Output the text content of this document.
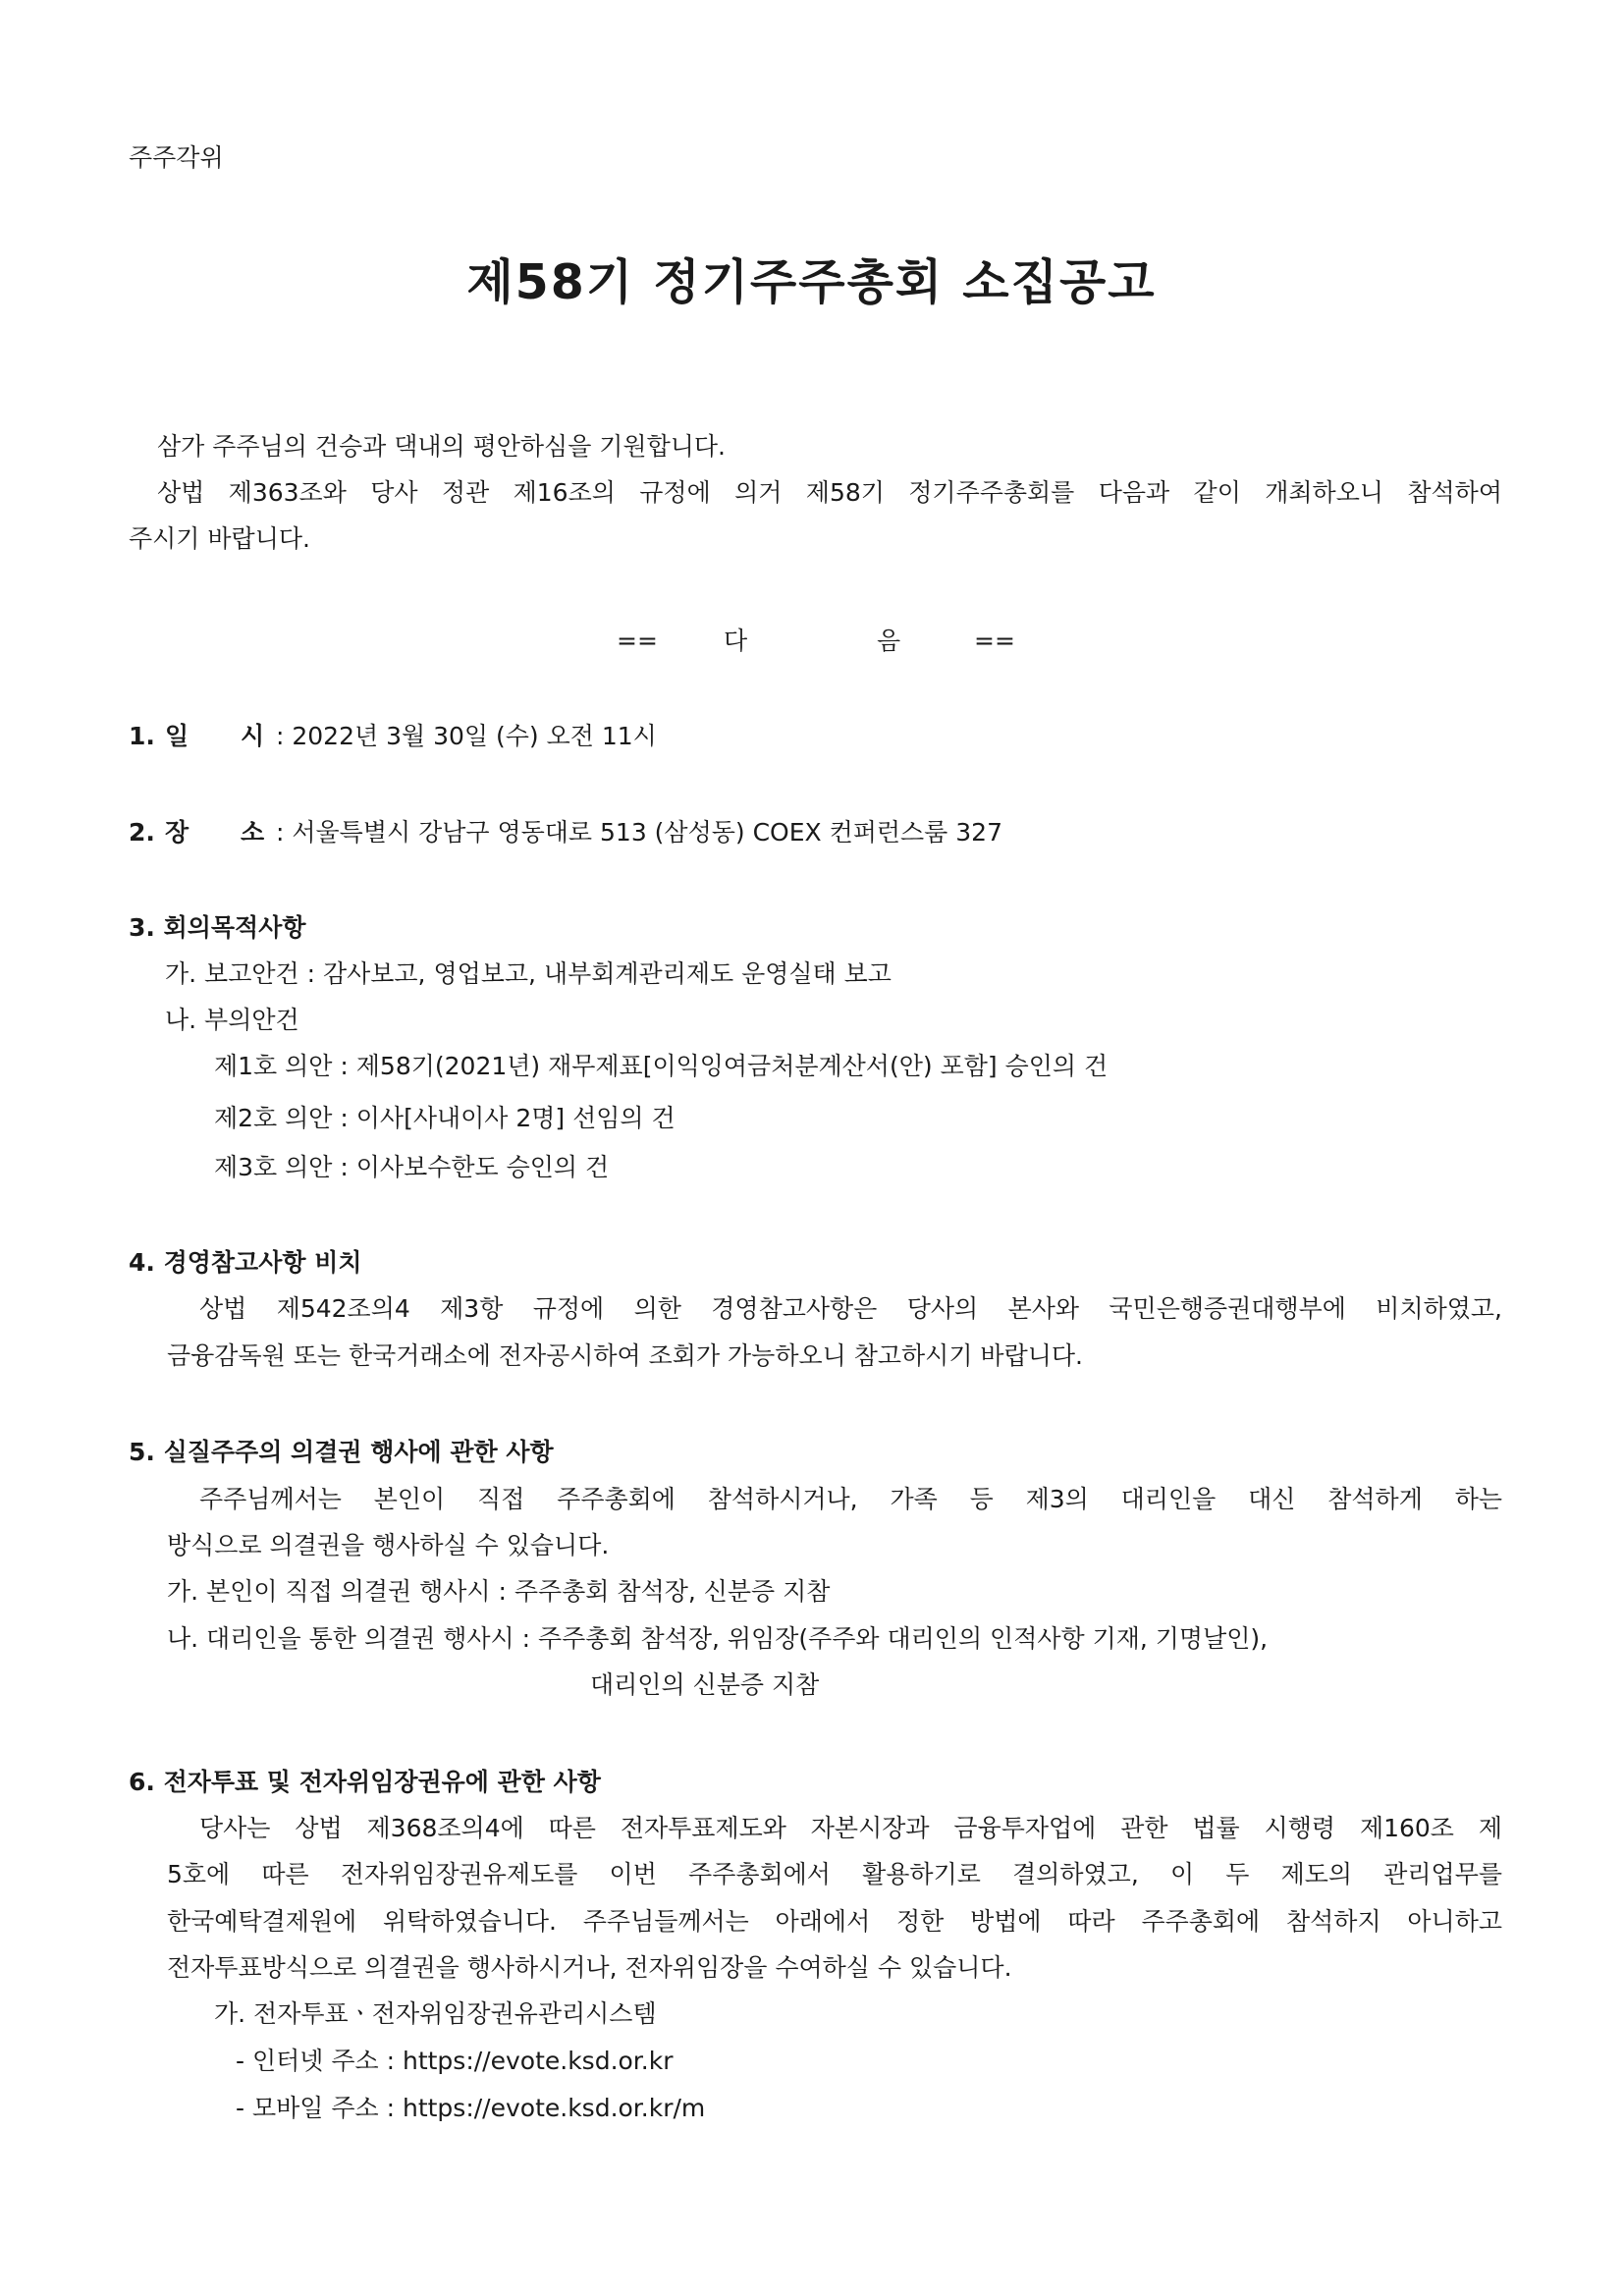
주주각위
제58기 정기주주총회 소집공고
삼가 주주님의 건승과 댁내의 평안하심을 기원합니다.
상법 제363조와 당사 정관 제16조의 규정에 의거 제58기 정기주주총회를 다음과 같이 개최하오니 참석하여
주시기 바랍니다.
==	다	음	==
1. 일 시 : 2022년 3월 30일 (수) 오전 11시
2. 장 소 : 서울특별시 강남구 영동대로 513 (삼성동) COEX 컨퍼런스룸 327
3. 회의목적사항
가. 보고안건 : 감사보고, 영업보고, 내부회계관리제도 운영실태 보고
나. 부의안건
제1호 의안 : 제58기(2021년) 재무제표[이익잉여금처분계산서(안) 포함] 승인의 건
제2호 의안 : 이사[사내이사 2명] 선임의 건
제3호 의안 : 이사보수한도 승인의 건
4. 경영참고사항 비치
상법 제542조의4 제3항 규정에 의한 경영참고사항은 당사의 본사와 국민은행증권대행부에 비치하였고,
금융감독원 또는 한국거래소에 전자공시하여 조회가 가능하오니 참고하시기 바랍니다.
5. 실질주주의 의결권 행사에 관한 사항
주주님께서는 본인이 직접 주주총회에 참석하시거나, 가족 등 제3의 대리인을 대신 참석하게 하는
방식으로 의결권을 행사하실 수 있습니다.
가. 본인이 직접 의결권 행사시 : 주주총회 참석장, 신분증 지참
나. 대리인을 통한 의결권 행사시 : 주주총회 참석장, 위임장(주주와 대리인의 인적사항 기재, 기명날인),
대리인의 신분증 지참
6. 전자투표 및 전자위임장권유에 관한 사항
당사는 상법 제368조의4에 따른 전자투표제도와 자본시장과 금융투자업에 관한 법률 시행령 제160조 제
5호에 따른 전자위임장권유제도를 이번 주주총회에서 활용하기로 결의하였고, 이 두 제도의 관리업무를
한국예탁결제원에 위탁하였습니다. 주주님들께서는 아래에서 정한 방법에 따라 주주총회에 참석하지 아니하고
전자투표방식으로 의결권을 행사하시거나, 전자위임장을 수여하실 수 있습니다.
가. 전자투표ㆍ전자위임장권유관리시스템
- 인터넷 주소 : https://evote.ksd.or.kr
- 모바일 주소 : https://evote.ksd.or.kr/m
